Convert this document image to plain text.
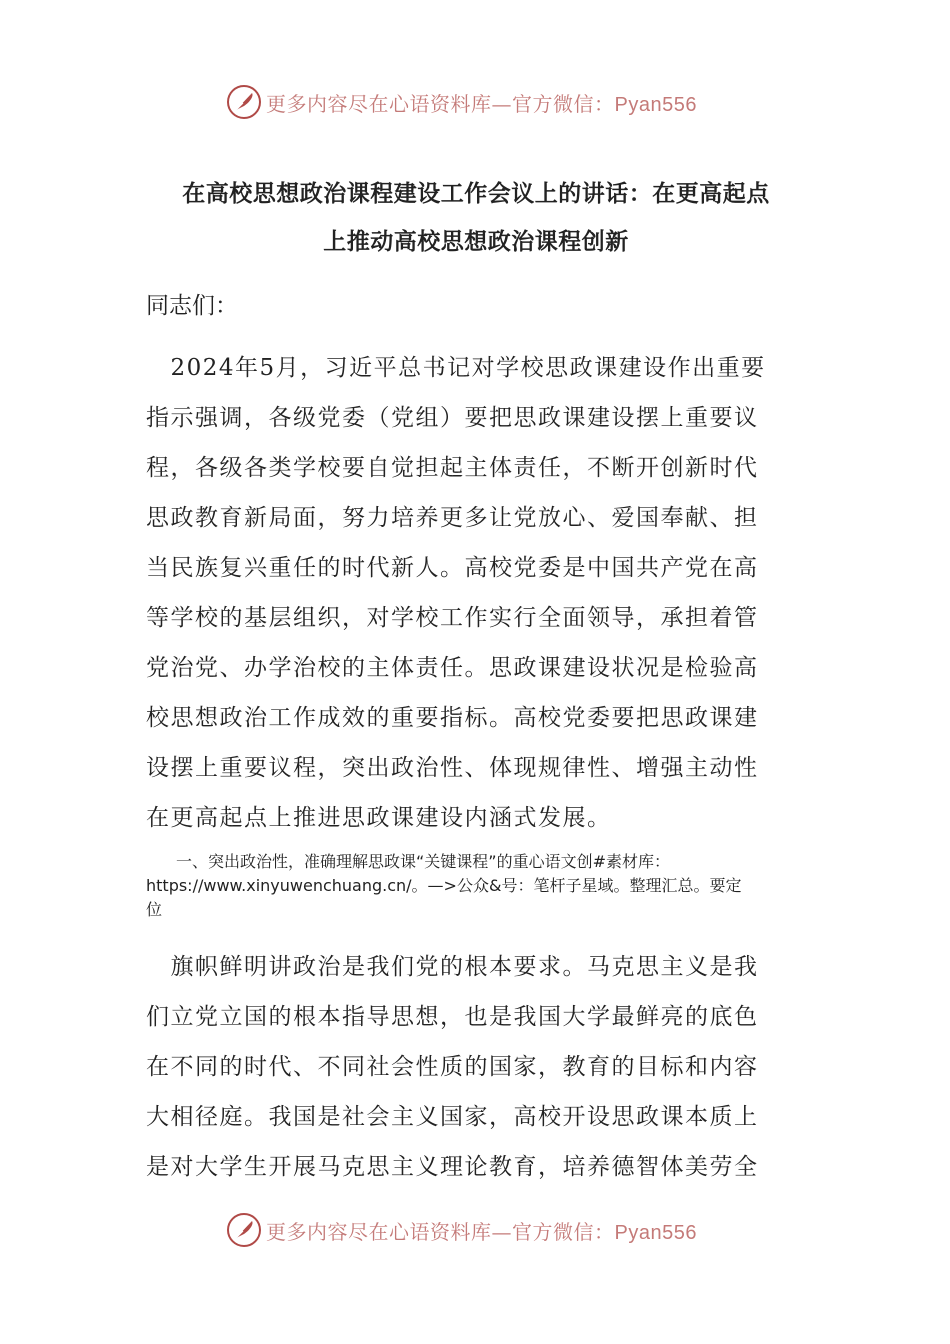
更多内容尽在心语资料库—官方微信：Pyan556
在高校思想政治课程建设工作会议上的讲话：在更高起点
上推动高校思想政治课程创新
同志们：
　2024年5月，习近平总书记对学校思政课建设作出重要
指示强调，各级党委（党组）要把思政课建设摆上重要议
程，各级各类学校要自觉担起主体责任，不断开创新时代
思政教育新局面，努力培养更多让党放心、爱国奉献、担
当民族复兴重任的时代新人。高校党委是中国共产党在高
等学校的基层组织，对学校工作实行全面领导，承担着管
党治党、办学治校的主体责任。思政课建设状况是检验高
校思想政治工作成效的重要指标。高校党委要把思政课建
设摆上重要议程，突出政治性、体现规律性、增强主动性
在更高起点上推进思政课建设内涵式发展。
一、突出政治性，准确理解思政课“关键课程”的重心语文创#素材库：
https://www.xinyuwenchuang.cn/。—>公众&号：笔杆子星域。整理汇总。要定
位
　旗帜鲜明讲政治是我们党的根本要求。马克思主义是我
们立党立国的根本指导思想，也是我国大学最鲜亮的底色
在不同的时代、不同社会性质的国家，教育的目标和内容
大相径庭。我国是社会主义国家，高校开设思政课本质上
是对大学生开展马克思主义理论教育，培养德智体美劳全
更多内容尽在心语资料库—官方微信：Pyan556
